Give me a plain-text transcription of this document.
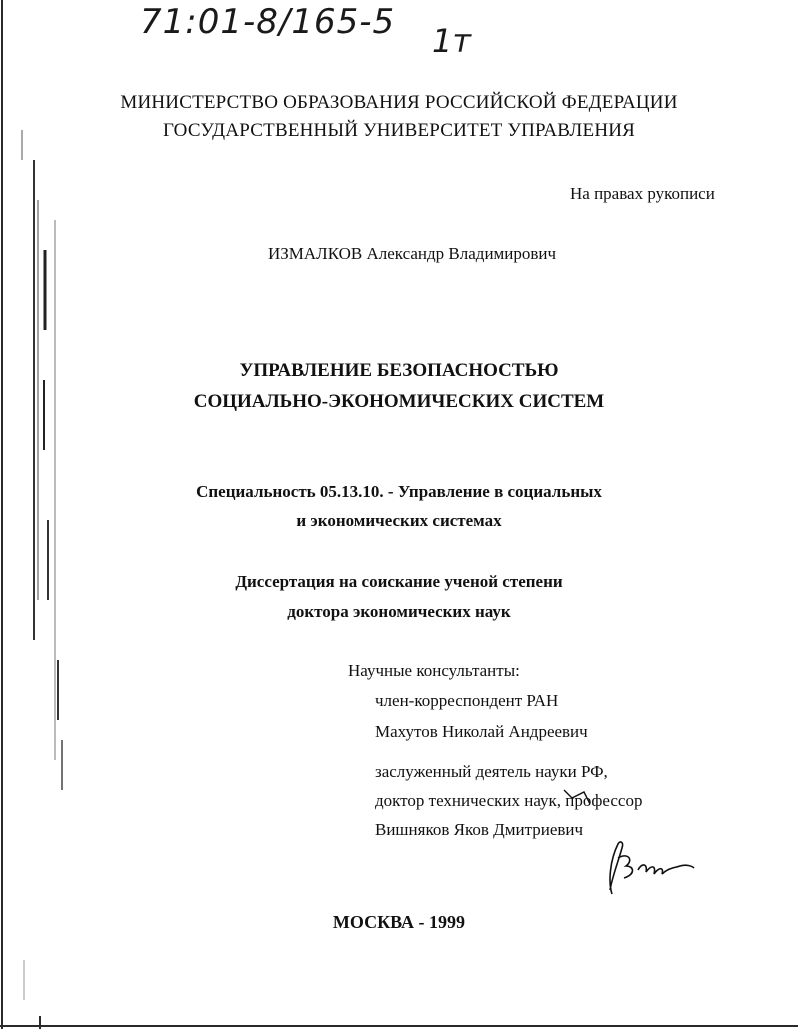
71:01-8/165-5 1т
МИНИСТЕРСТВО ОБРАЗОВАНИЯ РОССИЙСКОЙ ФЕДЕРАЦИИ
ГОСУДАРСТВЕННЫЙ УНИВЕРСИТЕТ УПРАВЛЕНИЯ
На правах рукописи
ИЗМАЛКОВ Александр Владимирович
УПРАВЛЕНИЕ БЕЗОПАСНОСТЬЮ
СОЦИАЛЬНО-ЭКОНОМИЧЕСКИХ СИСТЕМ
Специальность 05.13.10. - Управление в социальных
и экономических системах
Диссертация на соискание ученой степени
доктора экономических наук
Научные консультанты:
член-корреспондент РАН
Махутов Николай Андреевич
заслуженный деятель науки РФ,
доктор технических наук, профессор
Вишняков Яков Дмитриевич
МОСКВА - 1999
